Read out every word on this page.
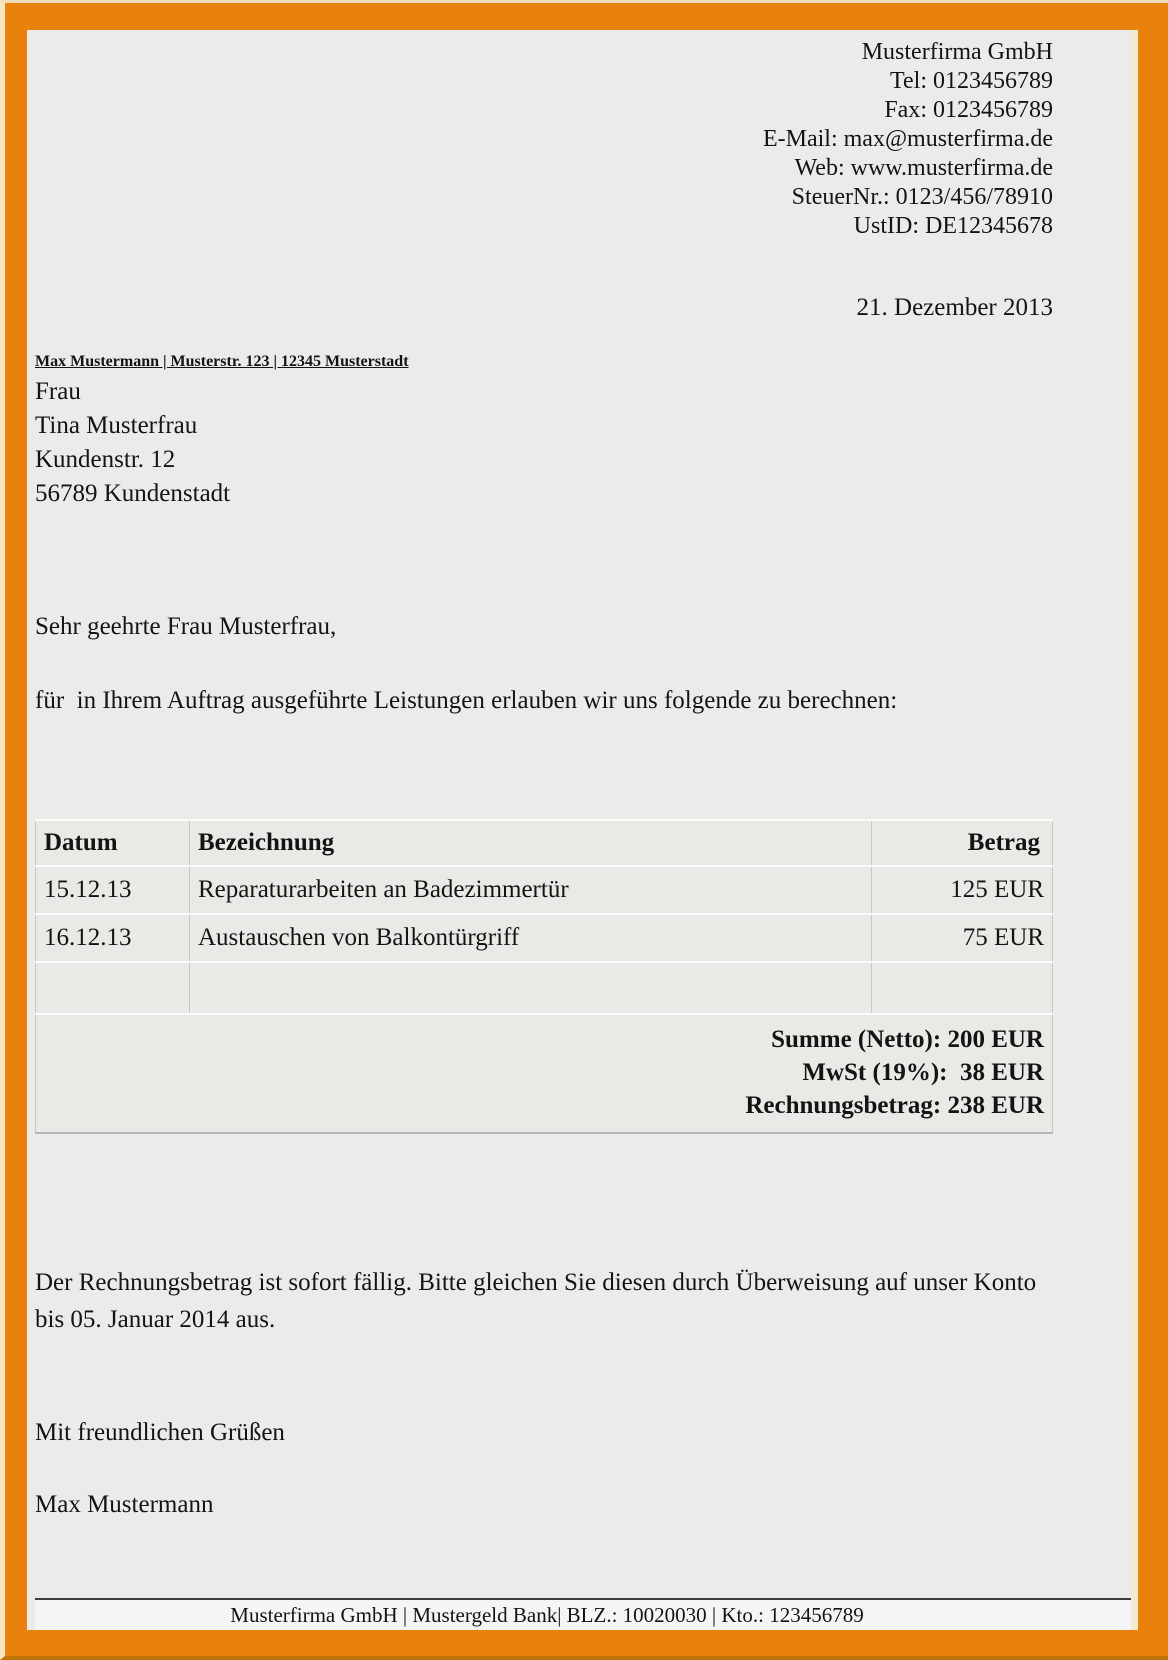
Musterfirma GmbH
Tel: 0123456789
Fax: 0123456789
E-Mail: max@musterfirma.de
Web: www.musterfirma.de
SteuerNr.: 0123/456/78910
UstID: DE12345678
21. Dezember 2013
Max Mustermann | Musterstr. 123 | 12345 Musterstadt
Frau
Tina Musterfrau
Kundenstr. 12
56789 Kundenstadt
Sehr geehrte Frau Musterfrau,
für  in Ihrem Auftrag ausgeführte Leistungen erlauben wir uns folgende zu berechnen:
Datum	Bezeichnung	Betrag
15.12.13	Reparaturarbeiten an Badezimmertür	125 EUR
16.12.13	Austauschen von Balkontürgriff	75 EUR

Summe (Netto): 200 EUR
MwSt (19%):  38 EUR
Rechnungsbetrag: 238 EUR		
Der Rechnungsbetrag ist sofort fällig. Bitte gleichen Sie diesen durch Überweisung auf unser Konto bis 05. Januar 2014 aus.
Mit freundlichen Grüßen
Max Mustermann
Musterfirma GmbH | Mustergeld Bank| BLZ.: 10020030 | Kto.: 123456789
